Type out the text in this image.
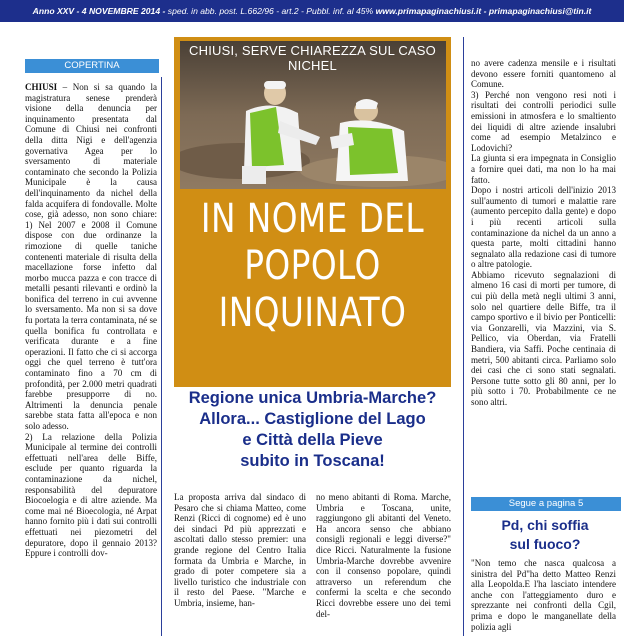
Anno XXV - 4 NOVEMBRE 2014 - sped. in abb. post. L.662/96 - art.2 - Pubbl. inf. al 45% www.primapaginachiusi.it - primapaginachiusi@tin.it
COPERTINA

CHIUSI – Non si sa quando la magistratura senese prenderà visione della denuncia per inquinamento presentata dal Comune di Chiusi nei confronti della ditta Nigi e dell'agenzia governativa Agea per lo sversamento di materiale contaminato che secondo la Polizia Municipale è la causa dell'inquinamento da nichel della falda acquifera di fondovalle. Molte cose, già adesso, non sono chiare: 1) Nel 2007 e 2008 il Comune dispose con due ordinanze la rimozione di quelle taniche contenenti materiale di risulta della macellazione forse infetto dal morbo mucca pazza e con tracce di metalli pesanti rilevanti e ordinò la bonifica del terreno in cui avvenne lo sversamento. Ma non si sa dove fu portata la terra contaminata, né se quella bonifica fu controllata e verificata durante e a fine operazioni. Il fatto che ci si accorga oggi che quel terreno è tutt'ora contaminato fino a 70 cm di profondità, per 2.000 metri quadrati farebbe presupporre di no. Altrimenti la denuncia penale sarebbe stata fatta all'epoca e non solo adesso.

2) La relazione della Polizia Municipale al termine dei controlli effettuati nell'area delle Biffe, esclude per quanto riguarda la contaminazione da nichel, responsabilità del depuratore Biocoelogia e di altre aziende. Ma come mai né Bioecologia, né Arpat hanno fornito più i dati sui controlli effettuati nei piezometri del depuratore, dopo il gennaio 2013? Eppure i controlli dov-

CHIUSI, SERVE CHIAREZZA SUL CASO NICHEL
IN NOME DEL
POPOLO
INQUINATO
Regione unica Umbria-Marche?
Allora... Castiglione del Lago
e Città della Pieve
subito in Toscana!
La proposta arriva dal sindaco di Pesaro che si chiama Matteo, come Renzi (Ricci di cognome) ed è uno dei sindaci Pd più apprezzati e ascoltati dallo stesso premier: una grande regione del Centro Italia formata da Umbria e Marche, in grado di poter competere sia a livello turistico che industriale con il resto del Paese. "Marche e Umbria, insieme, han-
no meno abitanti di Roma. Marche, Umbria e Toscana, unite, raggiungono gli abitanti del Veneto. Ha ancora senso che abbiano consigli regionali e leggi diverse?" dice Ricci. Naturalmente la fusione Umbria-Marche dovrebbe avvenire con il consenso popolare, quindi attraverso un referendum che confermi la scelta e che secondo Ricci dovrebbe essere uno dei temi del-

no avere cadenza mensile e i risultati devono essere forniti quantomeno al Comune.

3) Perché non vengono resi noti i risultati dei controlli periodici sulle emissioni in atmosfera e lo smaltiento dei liquidi di altre aziende insalubri come ad esempio Metalzinco e Lodovichi?

La giunta si era impegnata in Consiglio a fornire quei dati, ma non lo ha mai fatto.

Dopo i nostri articoli dell'inizio 2013 sull'aumento di tumori e malattie rare (aumento percepito dalla gente) e dopo i più recenti articoli sulla contaminazione da nichel da un anno a questa parte, molti cittadini hanno segnalato alla redazione casi di tumore o altre patologie.

Abbiamo ricevuto segnalazioni di almeno 16 casi di morti per tumore, di cui più della metà negli ultimi 3 anni, solo nel quartiere delle Biffe, tra il campo sportivo e il bivio per Ponticelli: via Gonzarelli, via Mazzini, via S. Pellico, via Oberdan, via Fratelli Bandiera, via Saffi. Poche centinaia di metri, 500 abitanti circa. Parliamo solo dei casi che ci sono stati segnalati. Persone tutte sotto gli 80 anni, per lo più sotto i 70. Probabilmente ce ne sono altri.

Segue a pagina 5
Pd, chi soffia
sul fuoco?
"Non temo che nasca qualcosa a sinistra del Pd"ha detto Matteo Renzi alla Leopolda.E l'ha lasciato intendere anche con l'atteggiamento duro e sprezzante nei confronti della Cgil, prima e dopo le manganellate della polizia agli
